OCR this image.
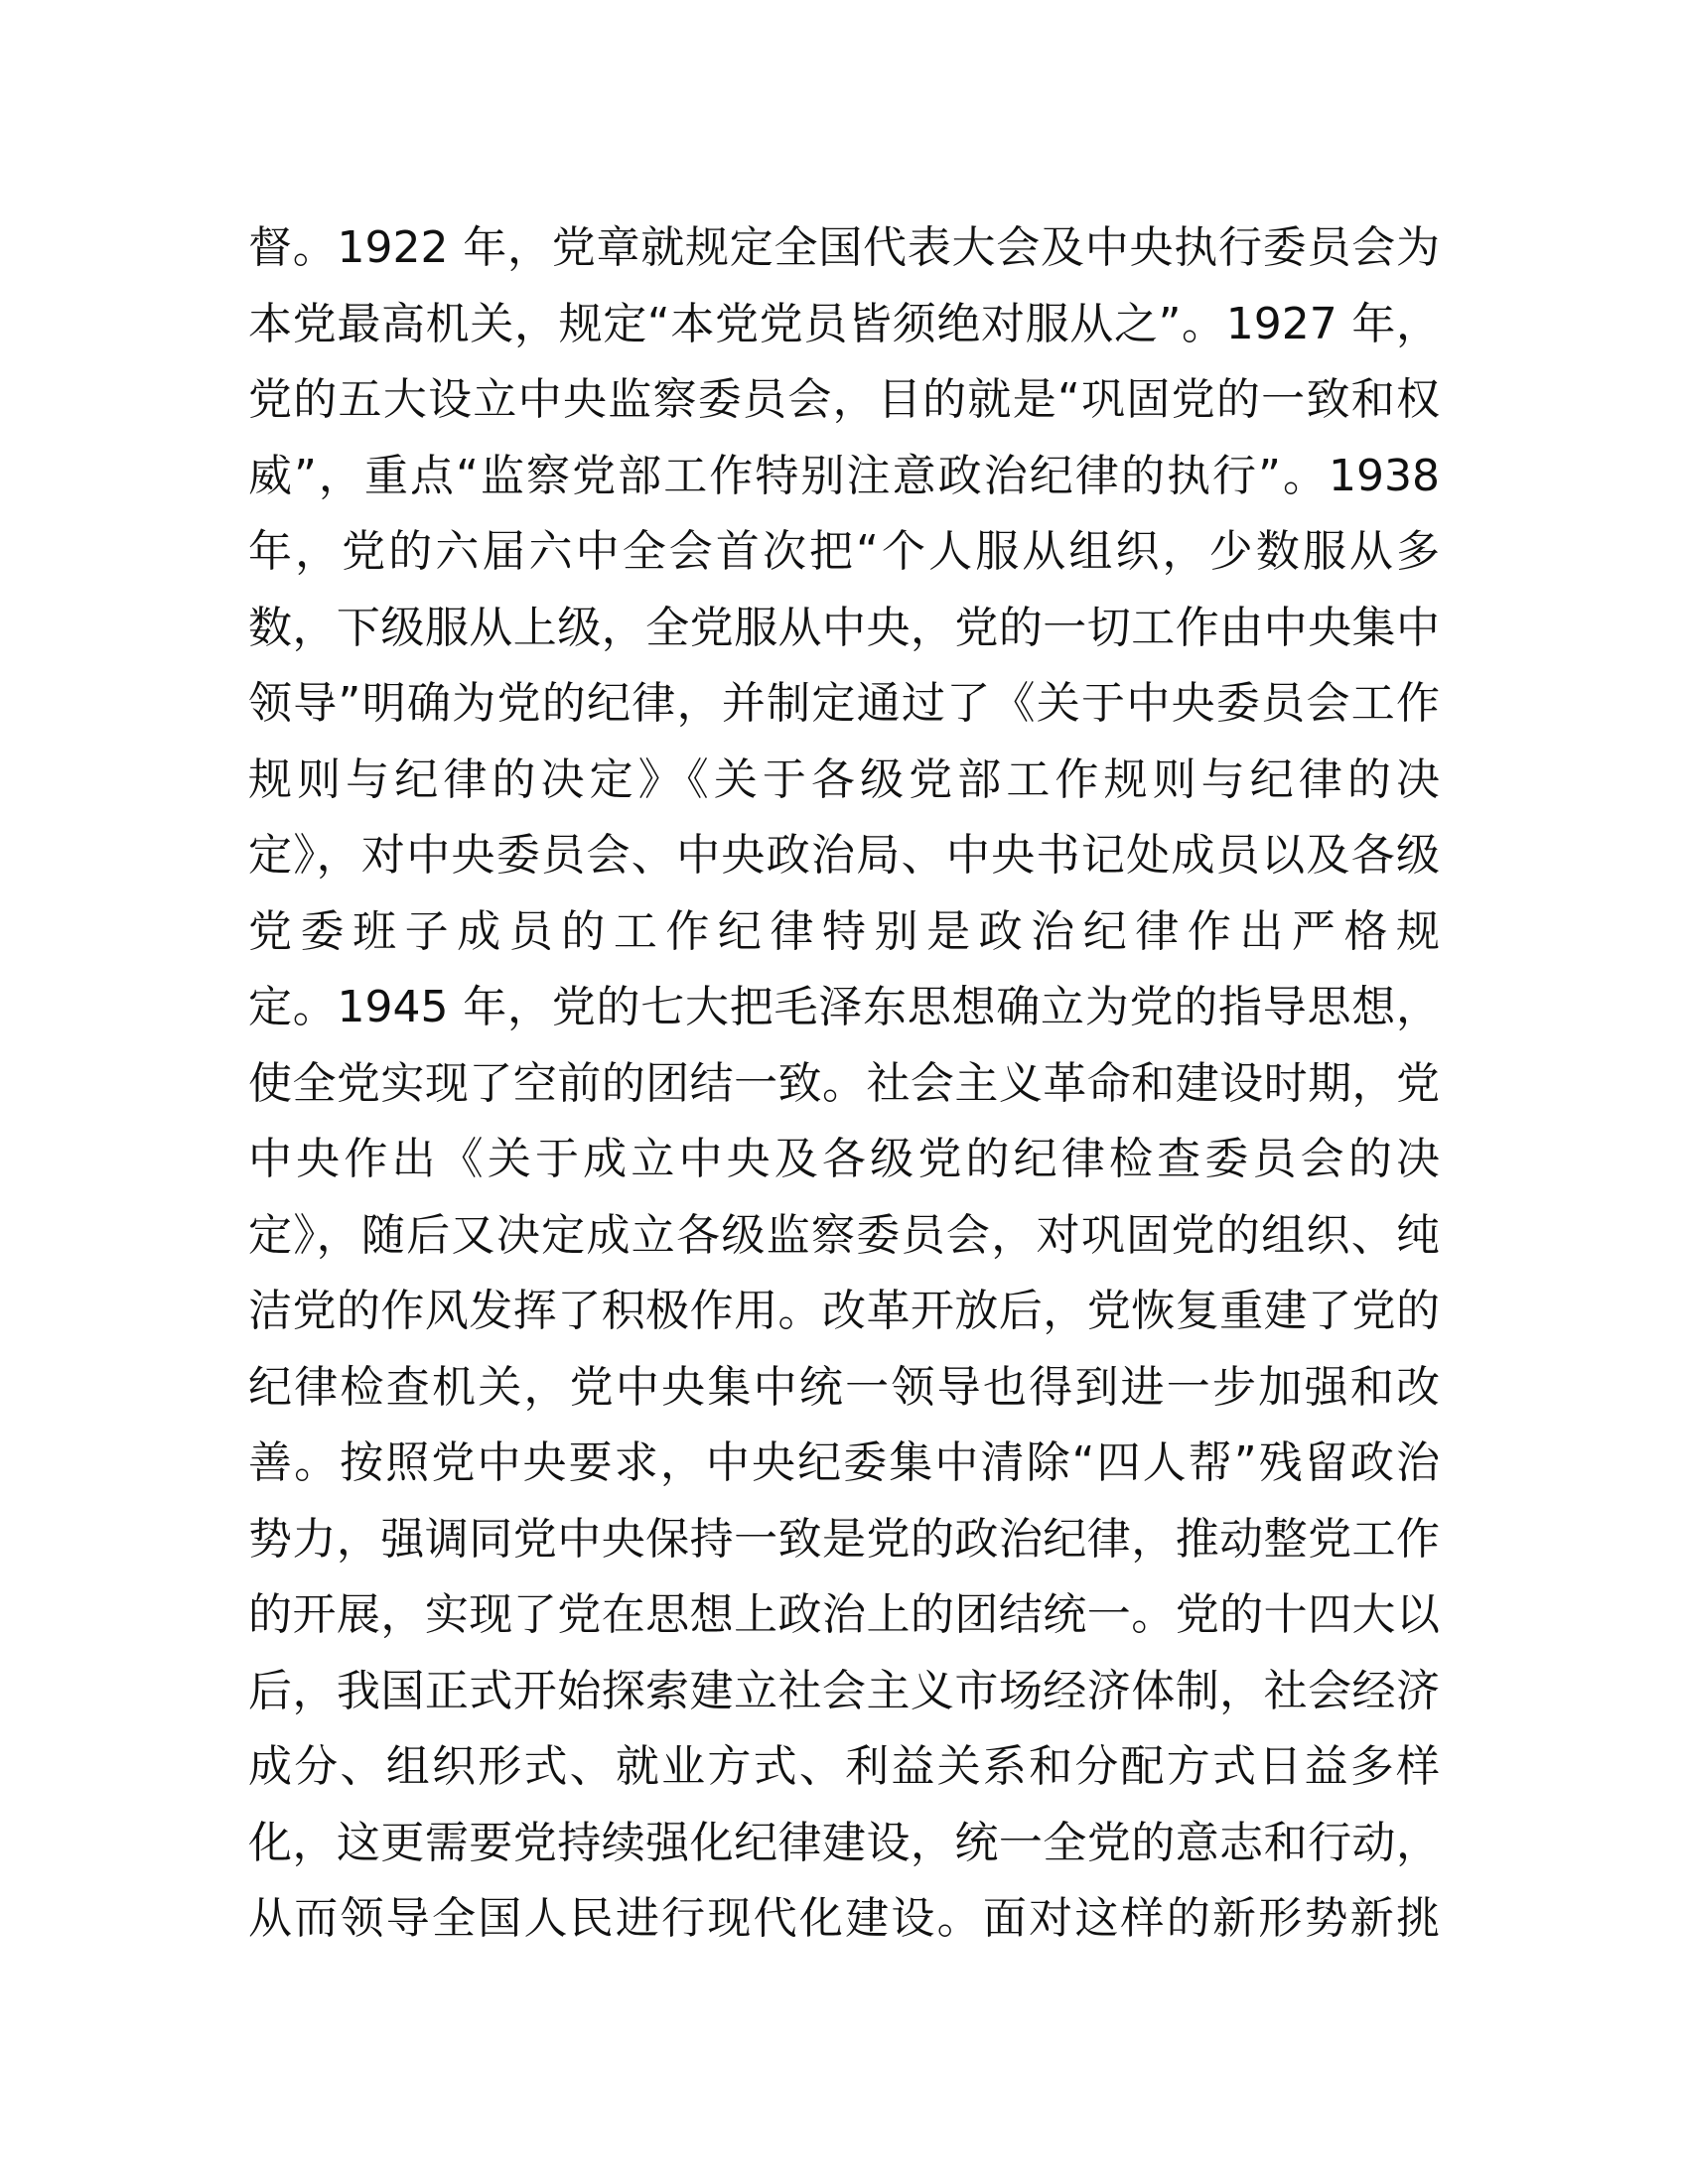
督。1922 年，党章就规定全国代表大会及中央执行委员会为
本党最高机关，规定“本党党员皆须绝对服从之”。1927 年，
党的五大设立中央监察委员会，目的就是“巩固党的一致和权
威”，重点“监察党部工作特别注意政治纪律的执行”。1938
年，党的六届六中全会首次把“个人服从组织，少数服从多
数，下级服从上级，全党服从中央，党的一切工作由中央集中
领导”明确为党的纪律，并制定通过了《关于中央委员会工作
规则与纪律的决定》《关于各级党部工作规则与纪律的决
定》，对中央委员会、中央政治局、中央书记处成员以及各级
党委班子成员的工作纪律特别是政治纪律作出严格规
定。1945 年，党的七大把毛泽东思想确立为党的指导思想，
使全党实现了空前的团结一致。社会主义革命和建设时期，党
中央作出《关于成立中央及各级党的纪律检查委员会的决
定》，随后又决定成立各级监察委员会，对巩固党的组织、纯
洁党的作风发挥了积极作用。改革开放后，党恢复重建了党的
纪律检查机关，党中央集中统一领导也得到进一步加强和改
善。按照党中央要求，中央纪委集中清除“四人帮”残留政治
势力，强调同党中央保持一致是党的政治纪律，推动整党工作
的开展，实现了党在思想上政治上的团结统一。党的十四大以
后，我国正式开始探索建立社会主义市场经济体制，社会经济
成分、组织形式、就业方式、利益关系和分配方式日益多样
化，这更需要党持续强化纪律建设，统一全党的意志和行动，
从而领导全国人民进行现代化建设。面对这样的新形势新挑
